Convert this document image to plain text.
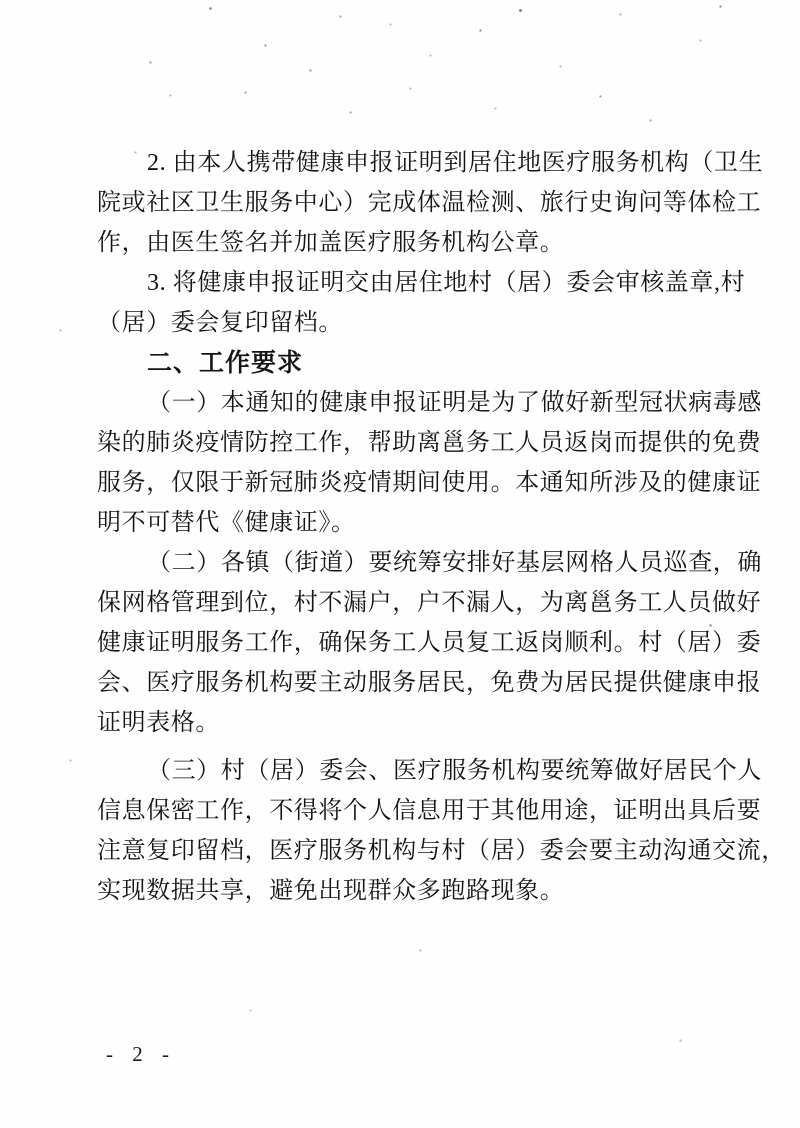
2. 由本人携带健康申报证明到居住地医疗服务机构（卫生
院或社区卫生服务中心）完成体温检测、旅行史询问等体检工
作，由医生签名并加盖医疗服务机构公章。
3. 将健康申报证明交由居住地村（居）委会审核盖章,村
（居）委会复印留档。
二、工作要求
（一）本通知的健康申报证明是为了做好新型冠状病毒感
染的肺炎疫情防控工作，帮助离邕务工人员返岗而提供的免费
服务，仅限于新冠肺炎疫情期间使用。本通知所涉及的健康证
明不可替代《健康证》。
（二）各镇（街道）要统筹安排好基层网格人员巡查，确
保网格管理到位，村不漏户，户不漏人，为离邕务工人员做好
健康证明服务工作，确保务工人员复工返岗顺利。村（居）委
会、医疗服务机构要主动服务居民，免费为居民提供健康申报
证明表格。
（三）村（居）委会、医疗服务机构要统筹做好居民个人
信息保密工作，不得将个人信息用于其他用途，证明出具后要
注意复印留档，医疗服务机构与村（居）委会要主动沟通交流，
实现数据共享，避免出现群众多跑路现象。
- 2 -
